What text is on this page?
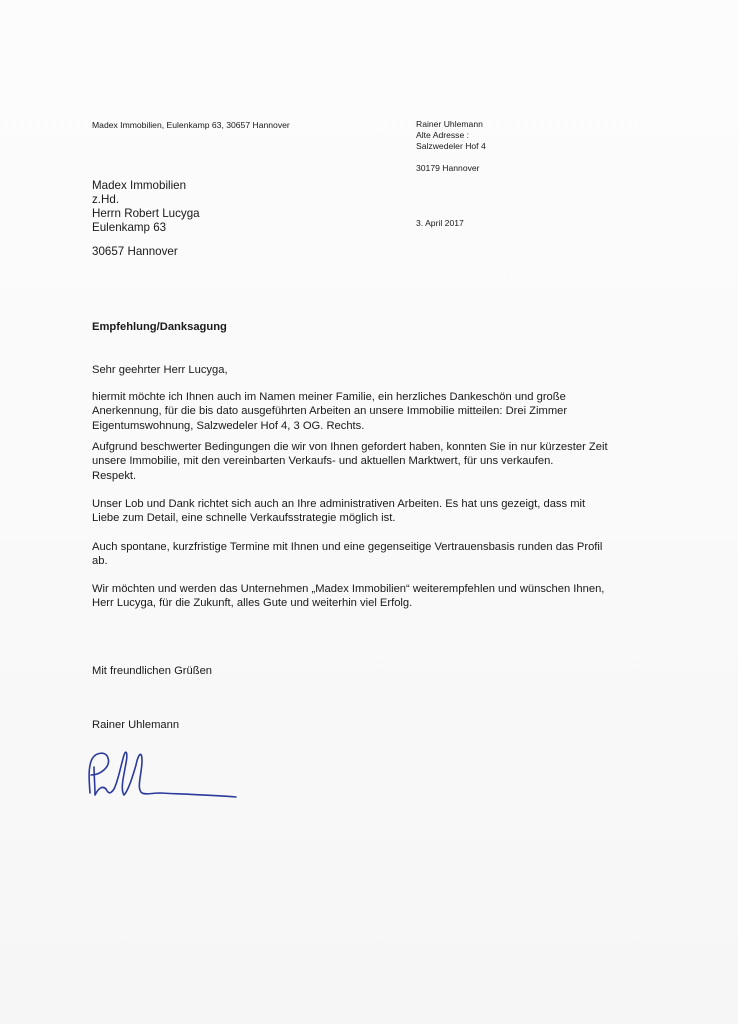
Madex Immobilien, Eulenkamp 63, 30657 Hannover	Rainer Uhlemann
Alte Adresse :
Salzwedeler Hof 4
30179 Hannover
Madex Immobilien
z.Hd.
Herrn Robert Lucyga
Eulenkamp 63
30657 Hannover
3. April 2017
Empfehlung/Danksagung
Sehr geehrter Herr Lucyga,
hiermit möchte ich Ihnen auch im Namen meiner Familie, ein herzliches Dankeschön und große
Anerkennung, für die bis dato ausgeführten Arbeiten an unsere Immobilie mitteilen: Drei Zimmer
Eigentumswohnung, Salzwedeler Hof 4, 3 OG. Rechts.
Aufgrund beschwerter Bedingungen die wir von Ihnen gefordert haben, konnten Sie in nur kürzester Zeit
unsere Immobilie, mit den vereinbarten Verkaufs- und aktuellen Marktwert, für uns verkaufen.
Respekt.
Unser Lob und Dank richtet sich auch an Ihre administrativen Arbeiten. Es hat uns gezeigt, dass mit
Liebe zum Detail, eine schnelle Verkaufsstrategie möglich ist.
Auch spontane, kurzfristige Termine mit Ihnen und eine gegenseitige Vertrauensbasis runden das Profil
ab.
Wir möchten und werden das Unternehmen „Madex Immobilien“ weiterempfehlen und wünschen Ihnen,
Herr Lucyga, für die Zukunft, alles Gute und weiterhin viel Erfolg.
Mit freundlichen Grüßen
Rainer Uhlemann
